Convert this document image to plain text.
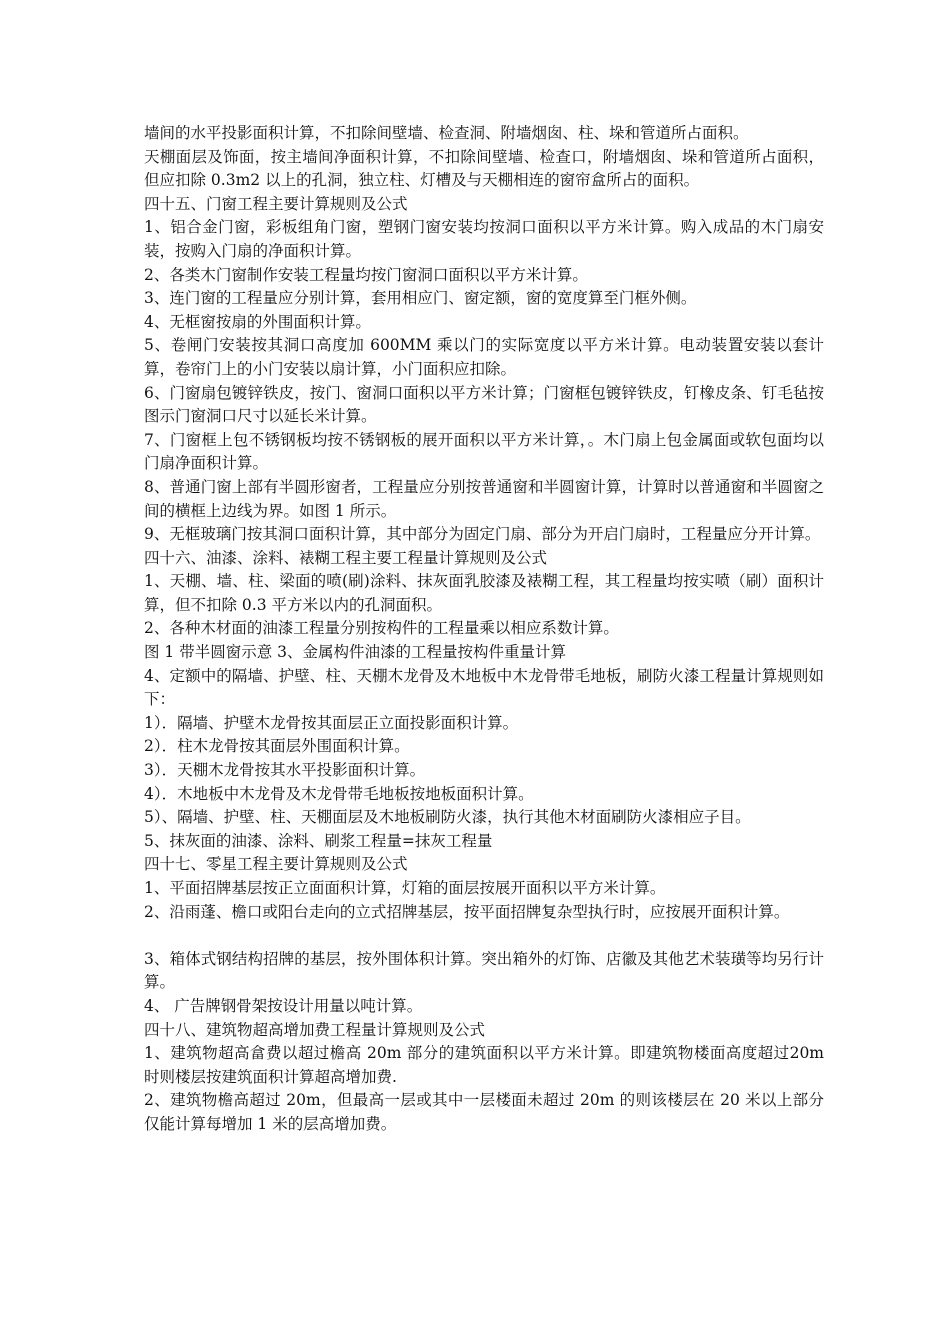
墙间的水平投影面积计算，不扣除间壁墙、检查洞、附墙烟囱、柱、垛和管道所占面积。

天棚面层及饰面，按主墙间净面积计算，不扣除间壁墙、检查口，附墙烟囱、垛和管道所占面积，但应扣除 0.3m2 以上的孔洞，独立柱、灯槽及与天棚相连的窗帘盒所占的面积。

四十五、门窗工程主要计算规则及公式

1、铝合金门窗，彩板组角门窗，塑钢门窗安装均按洞口面积以平方米计算。购入成品的木门扇安装，按购入门扇的净面积计算。

2、各类木门窗制作安装工程量均按门窗洞口面积以平方米计算。

3、连门窗的工程量应分别计算，套用相应门、窗定额，窗的宽度算至门框外侧。

4、无框窗按扇的外围面积计算。

5、卷闸门安装按其洞口高度加 600MM 乘以门的实际宽度以平方米计算。电动装置安装以套计算，卷帘门上的小门安装以扇计算，小门面积应扣除。

6、门窗扇包镀锌铁皮，按门、窗洞口面积以平方米计算；门窗框包镀锌铁皮，钉橡皮条、钉毛毡按图示门窗洞口尺寸以延长米计算。

7、门窗框上包不锈钢板均按不锈钢板的展开面积以平方米计算，。木门扇上包金属面或软包面均以门扇净面积计算。

8、普通门窗上部有半圆形窗者，工程量应分别按普通窗和半圆窗计算，计算时以普通窗和半圆窗之间的横框上边线为界。如图 1 所示。

9、无框玻璃门按其洞口面积计算，其中部分为固定门扇、部分为开启门扇时，工程量应分开计算。

四十六、油漆、涂料、裱糊工程主要工程量计算规则及公式

1、天棚、墙、柱、梁面的喷(刷)涂料、抹灰面乳胶漆及裱糊工程，其工程量均按实喷（刷）面积计算，但不扣除 0.3 平方米以内的孔洞面积。

2、各种木材面的油漆工程量分别按构件的工程量乘以相应系数计算。

图 1 带半圆窗示意 3、金属构件油漆的工程量按构件重量计算

4、定额中的隔墙、护壁、柱、天棚木龙骨及木地板中木龙骨带毛地板，刷防火漆工程量计算规则如下：

1）．隔墙、护壁木龙骨按其面层正立面投影面积计算。

2）．柱木龙骨按其面层外围面积计算。

3）．天棚木龙骨按其水平投影面积计算。

4）．木地板中木龙骨及木龙骨带毛地板按地板面积计算。

5）、隔墙、护壁、柱、天棚面层及木地板刷防火漆，执行其他木材面刷防火漆相应子目。

5、抹灰面的油漆、涂料、刷浆工程量=抹灰工程量

四十七、零星工程主要计算规则及公式

1、平面招牌基层按正立面面积计算，灯箱的面层按展开面积以平方米计算。

2、沿雨蓬、檐口或阳台走向的立式招牌基层，按平面招牌复杂型执行时，应按展开面积计算。

3、箱体式钢结构招牌的基层，按外围体积计算。突出箱外的灯饰、店徽及其他艺术装璜等均另行计算。

4、 广告牌钢骨架按设计用量以吨计算。

四十八、建筑物超高增加费工程量计算规则及公式

1、建筑物超高畣费以超过檐高 20m 部分的建筑面积以平方米计算。即建筑物楼面高度超过20m 时则楼层按建筑面积计算超高增加费.

2、建筑物檐高超过 20m，但最高一层或其中一层楼面未超过 20m 的则该楼层在 20 米以上部分仅能计算每增加 1 米的层高增加费。
